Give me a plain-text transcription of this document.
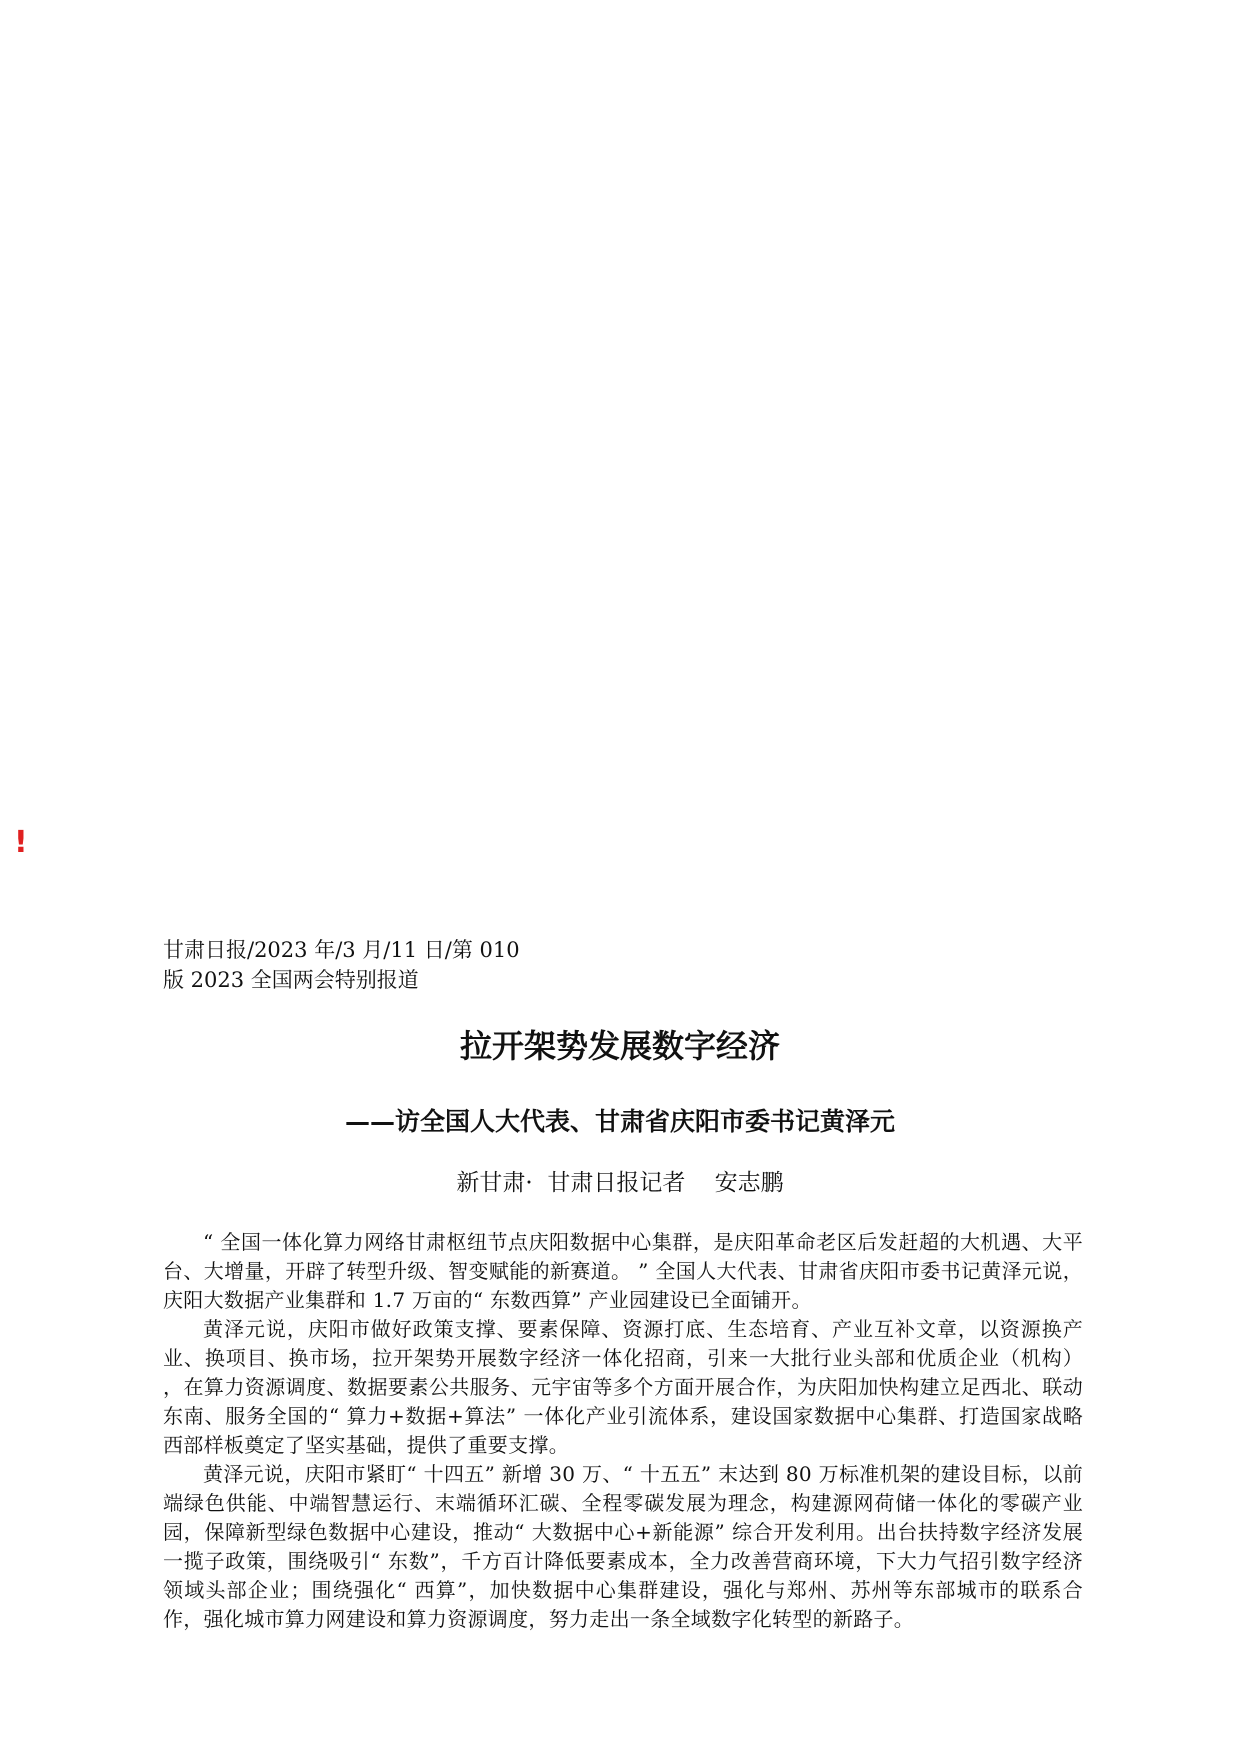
!
甘肃日报/2023 年/3 月/11 日/第 010
版 2023 全国两会特别报道
拉开架势发展数字经济
——访全国人大代表、甘肃省庆阳市委书记黄泽元
新甘肃·  甘肃日报记者 安志鹏

“ 全国一体化算力网络甘肃枢纽节点庆阳数据中心集群，是庆阳革命老区后发赶超的大机遇、大平台、大增量，开辟了转型升级、智变赋能的新赛道。 ” 全国人大代表、甘肃省庆阳市委书记黄泽元说，庆阳大数据产业集群和 1.7 万亩的“ 东数西算” 产业园建设已全面铺开。

黄泽元说，庆阳市做好政策支撑、要素保障、资源打底、生态培育、产业互补文章，以资源换产业、换项目、换市场，拉开架势开展数字经济一体化招商，引来一大批行业头部和优质企业（机构） ，在算力资源调度、数据要素公共服务、元宇宙等多个方面开展合作，为庆阳加快构建立足西北、联动东南、服务全国的“ 算力+数据+算法” 一体化产业引流体系，建设国家数据中心集群、打造国家战略西部样板奠定了坚实基础，提供了重要支撑。

黄泽元说，庆阳市紧盯“ 十四五” 新增 30 万、“ 十五五” 末达到 80 万标准机架的建设目标，以前端绿色供能、中端智慧运行、末端循环汇碳、全程零碳发展为理念，构建源网荷储一体化的零碳产业园，保障新型绿色数据中心建设，推动“ 大数据中心+新能源” 综合开发利用。出台扶持数字经济发展一揽子政策，围绕吸引“ 东数”，千方百计降低要素成本，全力改善营商环境，下大力气招引数字经济领域头部企业；围绕强化“ 西算”，加快数据中心集群建设，强化与郑州、苏州等东部城市的联系合作，强化城市算力网建设和算力资源调度，努力走出一条全域数字化转型的新路子。
